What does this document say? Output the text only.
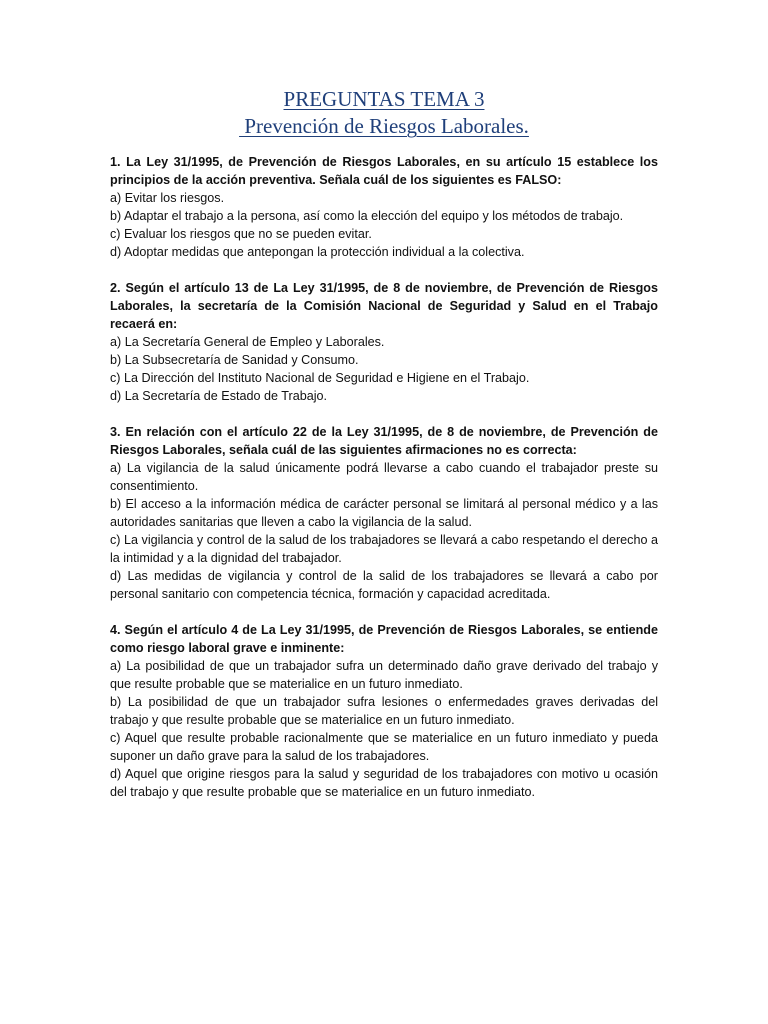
PREGUNTAS TEMA 3
Prevención de Riesgos Laborales.

1. La Ley 31/1995, de Prevención de Riesgos Laborales, en su artículo 15 establece los principios de la acción preventiva. Señala cuál de los siguientes es FALSO:

a) Evitar los riesgos.

b) Adaptar el trabajo a la persona, así como la elección del equipo y los métodos de trabajo.

c) Evaluar los riesgos que no se pueden evitar.

d) Adoptar medidas que antepongan la protección individual a la colectiva.

2. Según el artículo 13 de La Ley 31/1995, de 8 de noviembre, de Prevención de Riesgos Laborales, la secretaría de la Comisión Nacional de Seguridad y Salud en el Trabajo recaerá en:

a) La Secretaría General de Empleo y Laborales.

b) La Subsecretaría de Sanidad y Consumo.

c) La Dirección del Instituto Nacional de Seguridad e Higiene en el Trabajo.

d) La Secretaría de Estado de Trabajo.

3. En relación con el artículo 22 de la Ley 31/1995, de 8 de noviembre, de Prevención de Riesgos Laborales, señala cuál de las siguientes afirmaciones no es correcta:

a) La vigilancia de la salud únicamente podrá llevarse a cabo cuando el trabajador preste su consentimiento.

b) El acceso a la información médica de carácter personal se limitará al personal médico y a las autoridades sanitarias que lleven a cabo la vigilancia de la salud.

c) La vigilancia y control de la salud de los trabajadores se llevará a cabo respetando el derecho a la intimidad y a la dignidad del trabajador.

d) Las medidas de vigilancia y control de la salid de los trabajadores se llevará a cabo por personal sanitario con competencia técnica, formación y capacidad acreditada.

4. Según el artículo 4 de La Ley 31/1995, de Prevención de Riesgos Laborales, se entiende como riesgo laboral grave e inminente:

a) La posibilidad de que un trabajador sufra un determinado daño grave derivado del trabajo y que resulte probable que se materialice en un futuro inmediato.

b) La posibilidad de que un trabajador sufra lesiones o enfermedades graves derivadas del trabajo y que resulte probable que se materialice en un futuro inmediato.

c) Aquel que resulte probable racionalmente que se materialice en un futuro inmediato y pueda suponer un daño grave para la salud de los trabajadores.

d) Aquel que origine riesgos para la salud y seguridad de los trabajadores con motivo u ocasión del trabajo y que resulte probable que se materialice en un futuro inmediato.
